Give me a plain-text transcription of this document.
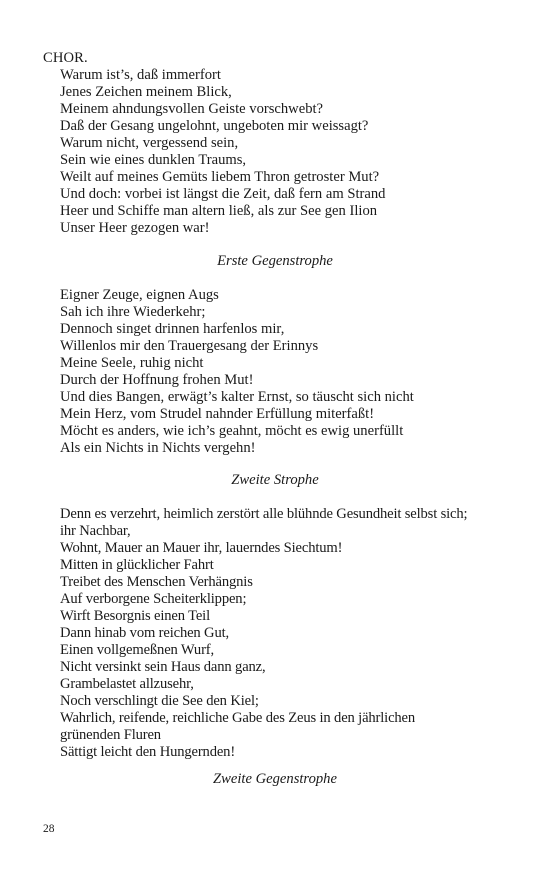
CHOR.
Warum ist’s, daß immerfort
Jenes Zeichen meinem Blick,
Meinem ahndungsvollen Geiste vorschwebt?
Daß der Gesang ungelohnt, ungeboten mir weissagt?
Warum nicht, vergessend sein,
Sein wie eines dunklen Traums,
Weilt auf meines Gemüts liebem Thron getroster Mut?
Und doch: vorbei ist längst die Zeit, daß fern am Strand
Heer und Schiffe man altern ließ, als zur See gen Ilion
Unser Heer gezogen war!
Erste Gegenstrophe
Eigner Zeuge, eignen Augs
Sah ich ihre Wiederkehr;
Dennoch singet drinnen harfenlos mir,
Willenlos mir den Trauergesang der Erinnys
Meine Seele, ruhig nicht
Durch der Hoffnung frohen Mut!
Und dies Bangen, erwägt’s kalter Ernst, so täuscht sich nicht
Mein Herz, vom Strudel nahnder Erfüllung miterfaßt!
Möcht es anders, wie ich’s geahnt, möcht es ewig unerfüllt
Als ein Nichts in Nichts vergehn!
Zweite Strophe
Denn es verzehrt, heimlich zerstört alle blühnde Gesundheit selbst sich;
ihr Nachbar,
Wohnt, Mauer an Mauer ihr, lauerndes Siechtum!
Mitten in glücklicher Fahrt
Treibet des Menschen Verhängnis
Auf verborgene Scheiterklippen;
Wirft Besorgnis einen Teil
Dann hinab vom reichen Gut,
Einen vollgemeßnen Wurf,
Nicht versinkt sein Haus dann ganz,
Grambelastet allzusehr,
Noch verschlingt die See den Kiel;
Wahrlich, reifende, reichliche Gabe des Zeus in den jährlichen
grünenden Fluren
Sättigt leicht den Hungernden!
Zweite Gegenstrophe
28
